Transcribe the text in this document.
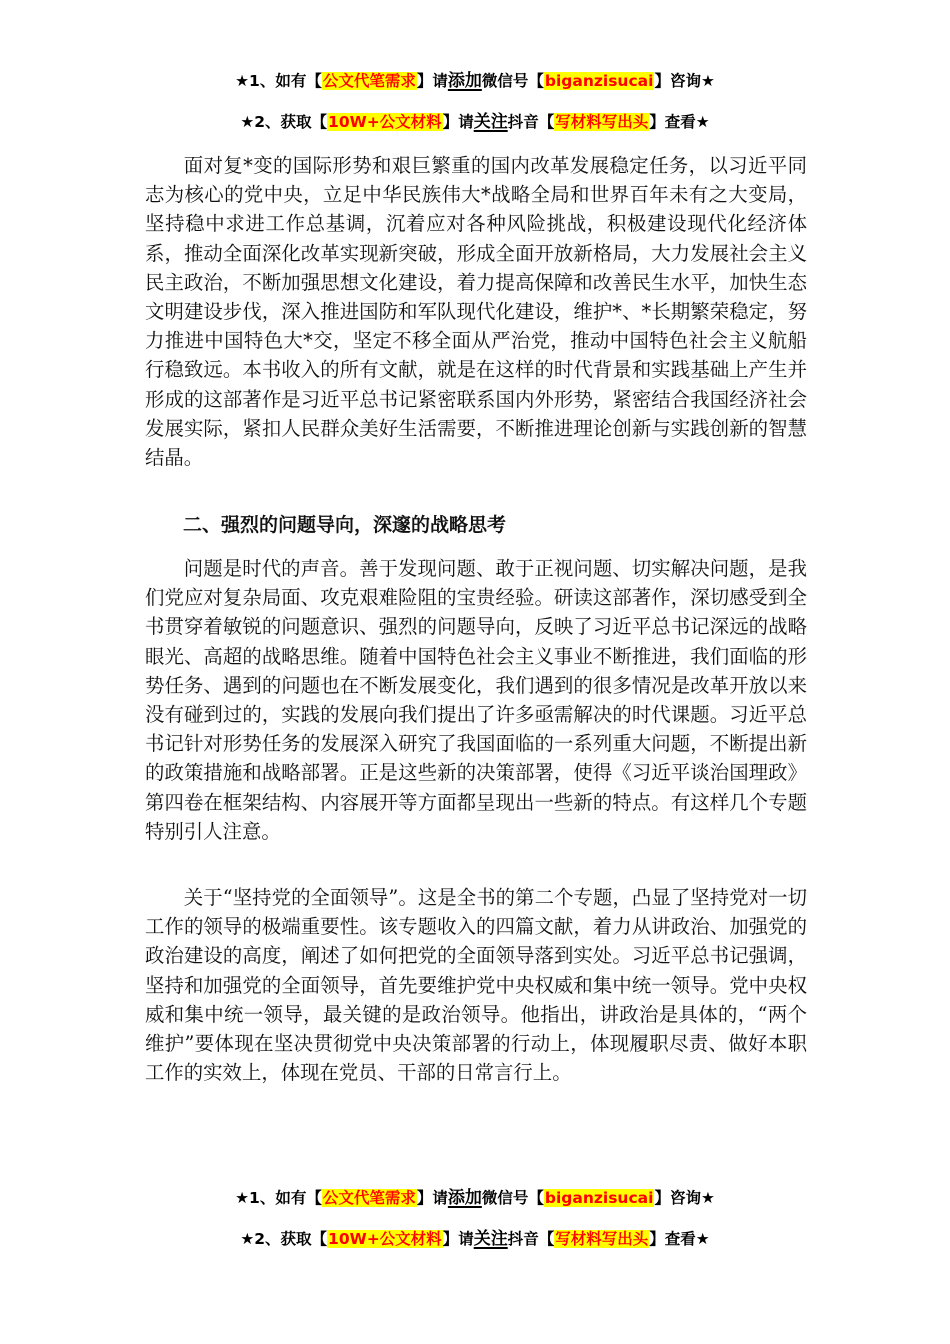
★1、如有【公文代笔需求】请添加微信号【biganzisucai】咨询★
★2、获取【10W+公文材料】请关注抖音【写材料写出头】查看★

面对复*变的国际形势和艰巨繁重的国内改革发展稳定任务，以习近平同志为核心的党中央，立足中华民族伟大*战略全局和世界百年未有之大变局，坚持稳中求进工作总基调，沉着应对各种风险挑战，积极建设现代化经济体系，推动全面深化改革实现新突破，形成全面开放新格局，大力发展社会主义民主政治，不断加强思想文化建设，着力提高保障和改善民生水平，加快生态文明建设步伐，深入推进国防和军队现代化建设，维护*、*长期繁荣稳定，努力推进中国特色大*交，坚定不移全面从严治党，推动中国特色社会主义航船行稳致远。本书收入的所有文献，就是在这样的时代背景和实践基础上产生并形成的这部著作是习近平总书记紧密联系国内外形势，紧密结合我国经济社会发展实际，紧扣人民群众美好生活需要，不断推进理论创新与实践创新的智慧结晶。

二、强烈的问题导向，深邃的战略思考

问题是时代的声音。善于发现问题、敢于正视问题、切实解决问题，是我们党应对复杂局面、攻克艰难险阻的宝贵经验。研读这部著作，深切感受到全书贯穿着敏锐的问题意识、强烈的问题导向，反映了习近平总书记深远的战略眼光、高超的战略思维。随着中国特色社会主义事业不断推进，我们面临的形势任务、遇到的问题也在不断发展变化，我们遇到的很多情况是改革开放以来没有碰到过的，实践的发展向我们提出了许多亟需解决的时代课题。习近平总书记针对形势任务的发展深入研究了我国面临的一系列重大问题，不断提出新的政策措施和战略部署。正是这些新的决策部署，使得《习近平谈治国理政》第四卷在框架结构、内容展开等方面都呈现出一些新的特点。有这样几个专题特别引人注意。

关于“坚持党的全面领导”。这是全书的第二个专题，凸显了坚持党对一切工作的领导的极端重要性。该专题收入的四篇文献，着力从讲政治、加强党的政治建设的高度，阐述了如何把党的全面领导落到实处。习近平总书记强调，坚持和加强党的全面领导，首先要维护党中央权威和集中统一领导。党中央权威和集中统一领导，最关键的是政治领导。他指出，讲政治是具体的，“两个维护”要体现在坚决贯彻党中央决策部署的行动上，体现履职尽责、做好本职工作的实效上，体现在党员、干部的日常言行上。

★1、如有【公文代笔需求】请添加微信号【biganzisucai】咨询★
★2、获取【10W+公文材料】请关注抖音【写材料写出头】查看★
